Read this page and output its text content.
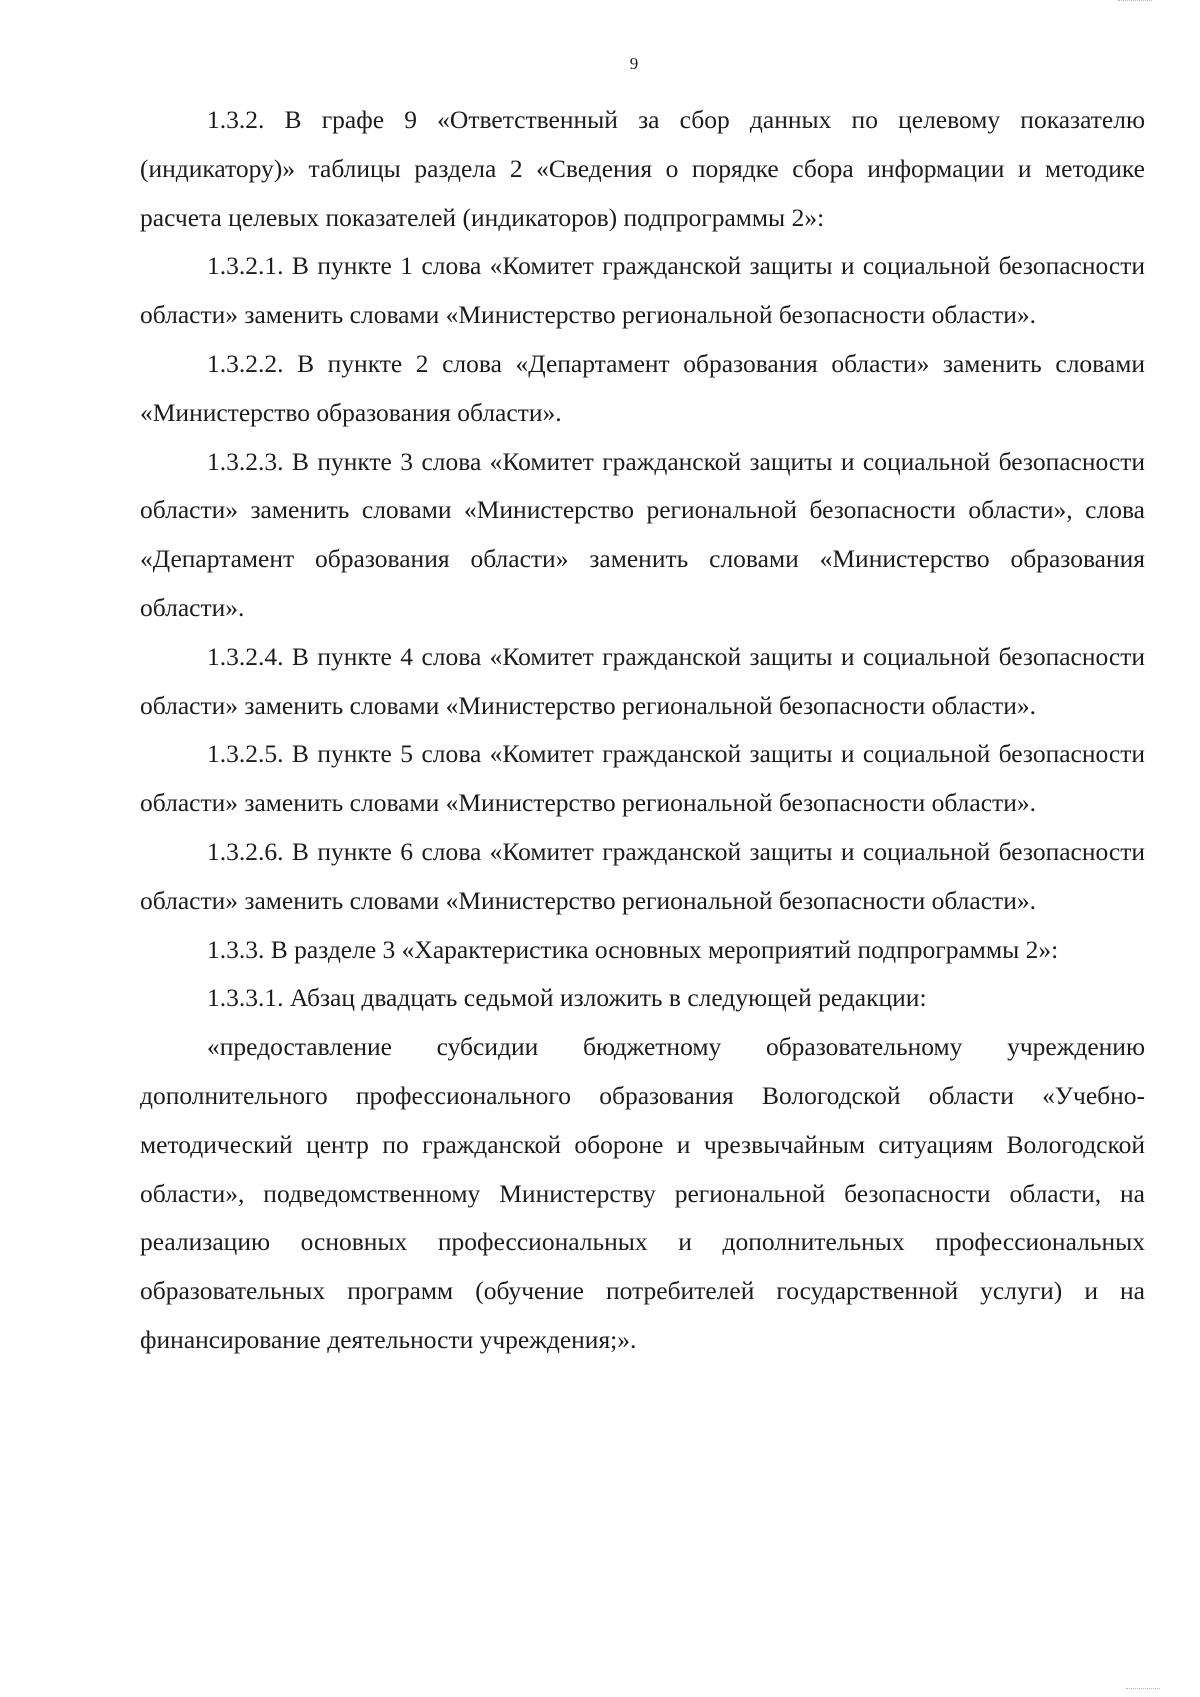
9

1.3.2. В графе 9 «Ответственный за сбор данных по целевому показателю (индикатору)» таблицы раздела 2 «Сведения о порядке сбора информации и методике расчета целевых показателей (индикаторов) подпрограммы 2»:

1.3.2.1. В пункте 1 слова «Комитет гражданской защиты и социальной безопасности области» заменить словами «Министерство региональной безопасности области».

1.3.2.2. В пункте 2 слова «Департамент образования области» заменить словами «Министерство образования области».

1.3.2.3. В пункте 3 слова «Комитет гражданской защиты и социальной безопасности области» заменить словами «Министерство региональной безопасности области», слова «Департамент образования области» заменить словами «Министерство образования области».

1.3.2.4. В пункте 4 слова «Комитет гражданской защиты и социальной безопасности области» заменить словами «Министерство региональной безопасности области».

1.3.2.5. В пункте 5 слова «Комитет гражданской защиты и социальной безопасности области» заменить словами «Министерство региональной безопасности области».

1.3.2.6. В пункте 6 слова «Комитет гражданской защиты и социальной безопасности области» заменить словами «Министерство региональной безопасности области».

1.3.3. В разделе 3 «Характеристика основных мероприятий подпрограммы 2»:

1.3.3.1. Абзац двадцать седьмой изложить в следующей редакции:

«предоставление субсидии бюджетному образовательному учреждению дополнительного профессионального образования Вологодской области «Учебно-методический центр по гражданской обороне и чрезвычайным ситуациям Вологодской области», подведомственному Министерству региональной безопасности области, на реализацию основных профессиональных и дополнительных профессиональных образовательных программ (обучение потребителей государственной услуги) и на финансирование деятельности учреждения;».
